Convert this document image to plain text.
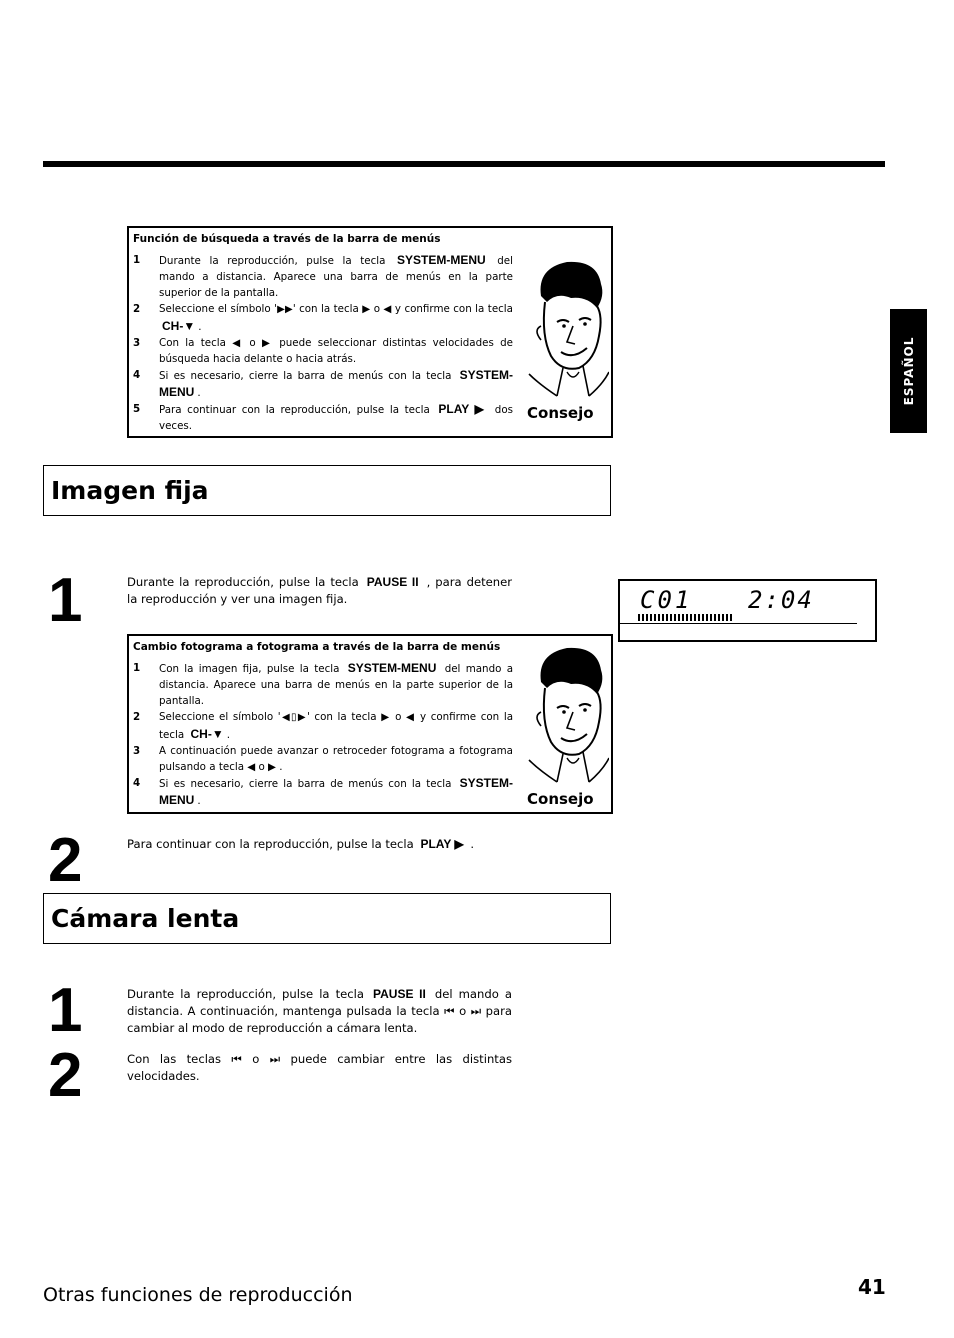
ESPAÑOL
Función de búsqueda a través de la barra de menús
1	Durante la reproducción, pulse la tecla SYSTEM-MENU del mando a distancia. Aparece una barra de menús en la parte superior de la pantalla.
2	Seleccione el símbolo '▶▶' con la tecla ▶ o ◀ y confirme con la tecla CH-▼ .
3	Con la tecla ◀ o ▶ puede seleccionar distintas velocidades de búsqueda hacia delante o hacia atrás.
4	Si es necesario, cierre la barra de menús con la tecla SYSTEM-MENU .
5	Para continuar con la reproducción, pulse la tecla PLAY ▶ dos veces.
Consejo
Imagen fija
1	Durante la reproducción, pulse la tecla PAUSE II , para detener la reproducción y ver una imagen fija.	C01 2:04
Cambio fotograma a fotograma a través de la barra de menús
1	Con la imagen fija, pulse la tecla SYSTEM-MENU del mando a distancia. Aparece una barra de menús en la parte superior de la pantalla.
2	Seleccione el símbolo '◀▯▶' con la tecla ▶ o ◀ y confirme con la tecla CH-▼ .
3	A continuación puede avanzar o retroceder fotograma a fotograma pulsando a tecla ◀ o ▶ .
4	Si es necesario, cierre la barra de menús con la tecla SYSTEM-MENU .	Consejo
2	Para continuar con la reproducción, pulse la tecla PLAY ▶ .
Cámara lenta
1	Durante la reproducción, pulse la tecla PAUSE II del mando a distancia. A continuación, mantenga pulsada la tecla ⏮ o ⏭ para cambiar al modo de reproducción a cámara lenta.
2	Con las teclas ⏮ o ⏭ puede cambiar entre las distintas velocidades.
Otras funciones de reproducción	41
